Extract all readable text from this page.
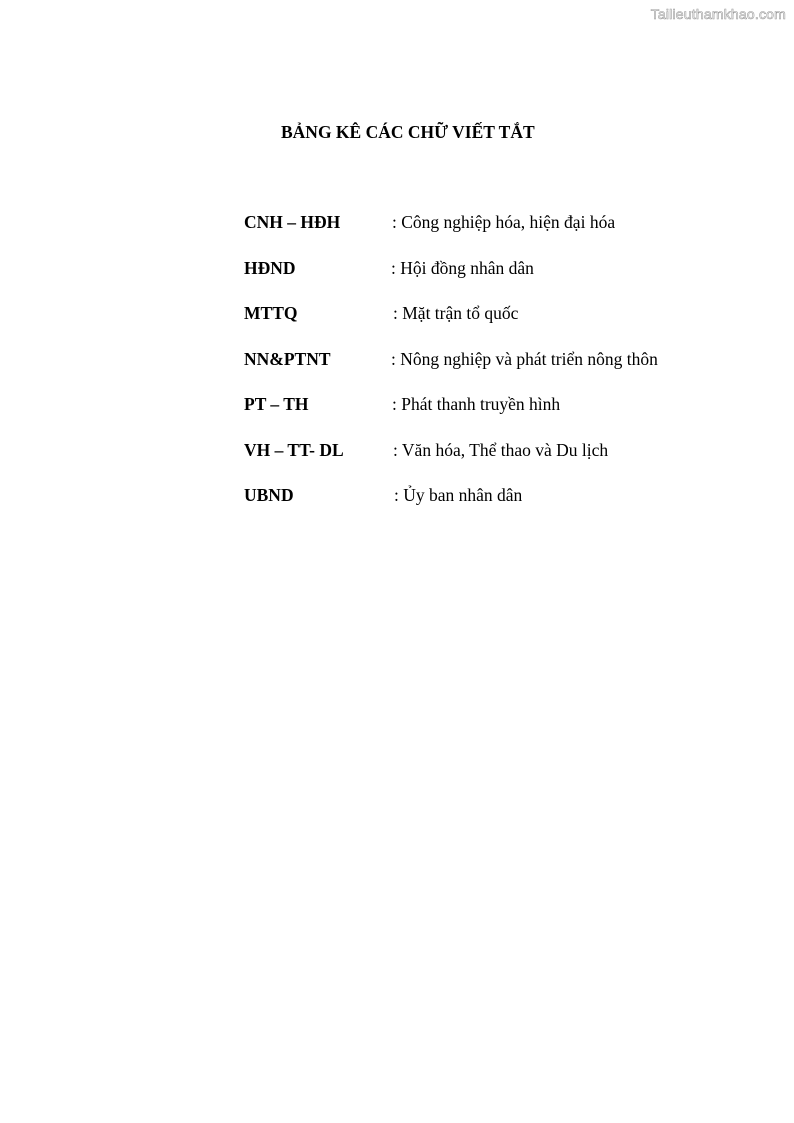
Tailieuthamkhao.com
BẢNG KÊ CÁC CHỮ VIẾT TẮT
CNH – HĐH	: Công nghiệp hóa, hiện đại hóa
HĐND	: Hội đồng nhân dân
MTTQ	: Mặt trận tổ quốc
NN&PTNT	: Nông nghiệp và phát triển nông thôn
PT – TH	: Phát thanh truyền hình
VH – TT- DL	: Văn hóa, Thể thao và Du lịch
UBND	: Ủy ban nhân dân
